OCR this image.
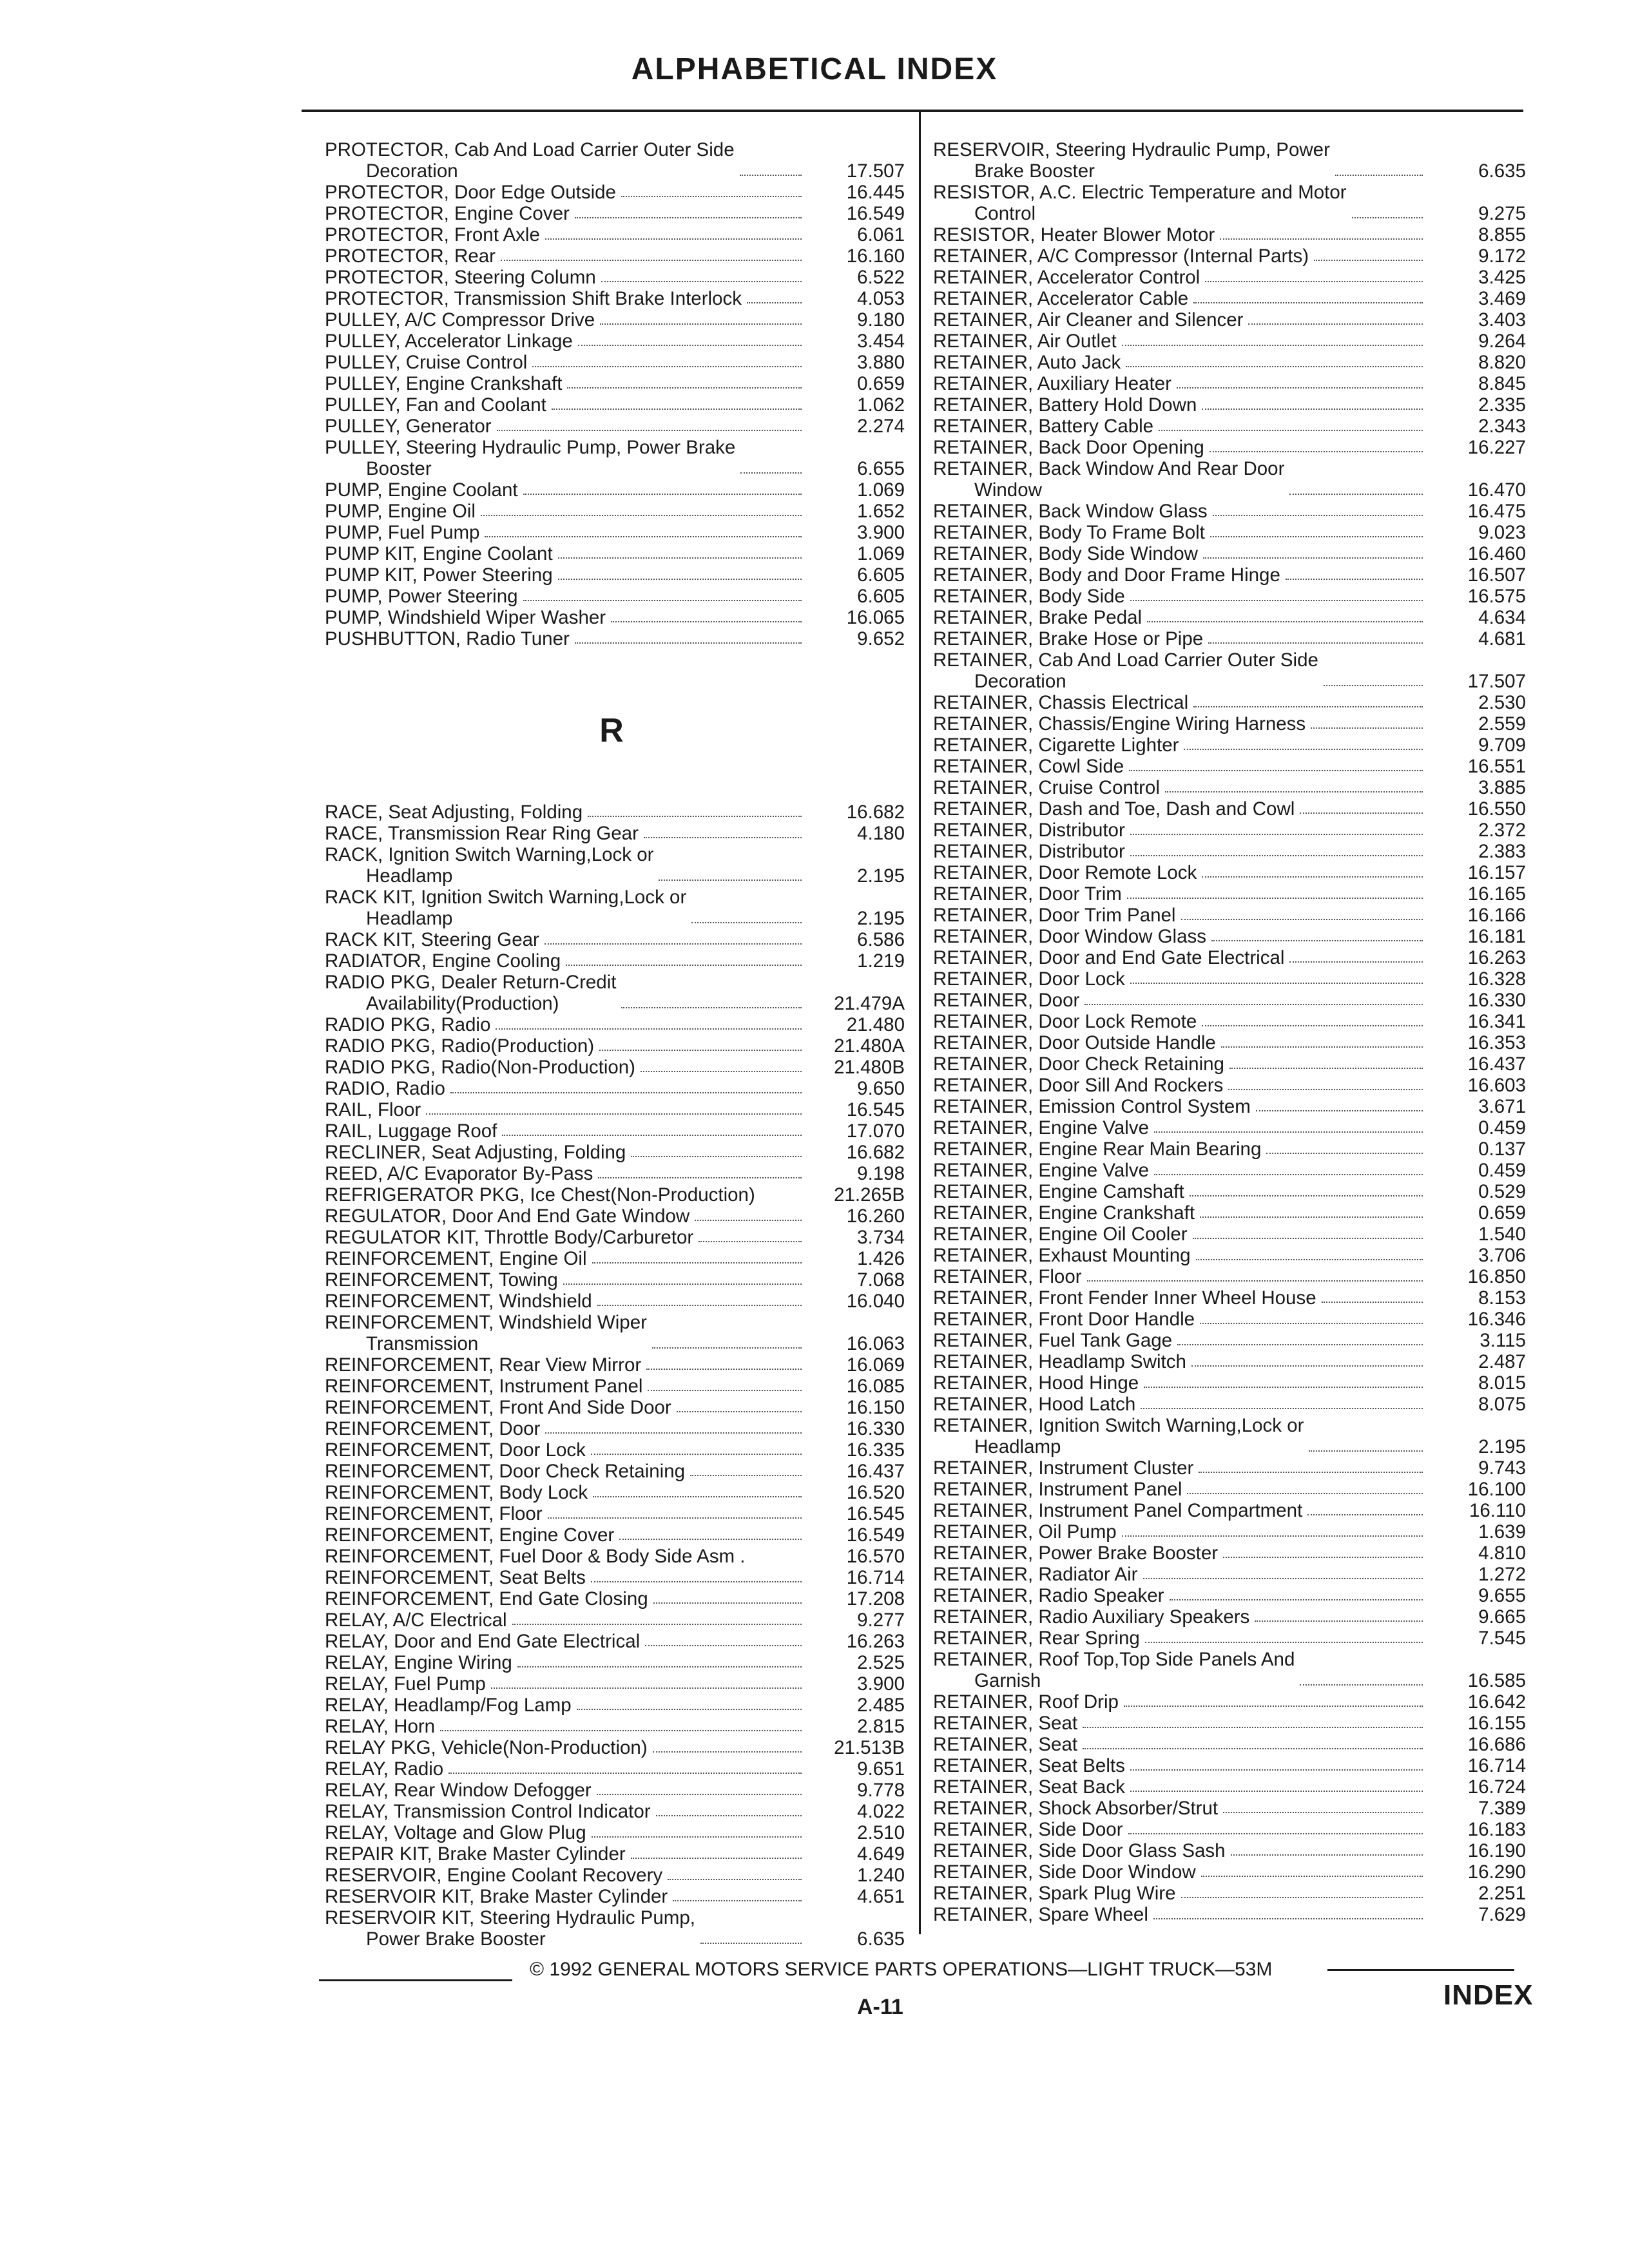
ALPHABETICAL INDEX
PROTECTOR, Cab And Load Carrier Outer Side
Decoration	17.507
PROTECTOR, Door Edge Outside	16.445
PROTECTOR, Engine Cover	16.549
PROTECTOR, Front Axle	6.061
PROTECTOR, Rear	16.160
PROTECTOR, Steering Column	6.522
PROTECTOR, Transmission Shift Brake Interlock	4.053
PULLEY, A/C Compressor Drive	9.180
PULLEY, Accelerator Linkage	3.454
PULLEY, Cruise Control	3.880
PULLEY, Engine Crankshaft	0.659
PULLEY, Fan and Coolant	1.062
PULLEY, Generator	2.274
PULLEY, Steering Hydraulic Pump, Power Brake
Booster	6.655
PUMP, Engine Coolant	1.069
PUMP, Engine Oil	1.652
PUMP, Fuel Pump	3.900
PUMP KIT, Engine Coolant	1.069
PUMP KIT, Power Steering	6.605
PUMP, Power Steering	6.605
PUMP, Windshield Wiper Washer	16.065
PUSHBUTTON, Radio Tuner	9.652
R
RACE, Seat Adjusting, Folding	16.682
RACE, Transmission Rear Ring Gear	4.180
RACK, Ignition Switch Warning,Lock or
Headlamp	2.195
RACK KIT, Ignition Switch Warning,Lock or
Headlamp	2.195
RACK KIT, Steering Gear	6.586
RADIATOR, Engine Cooling	1.219
RADIO PKG, Dealer Return-Credit
Availability(Production)	21.479A
RADIO PKG, Radio	21.480
RADIO PKG, Radio(Production)	21.480A
RADIO PKG, Radio(Non-Production)	21.480B
RADIO, Radio	9.650
RAIL, Floor	16.545
RAIL, Luggage Roof	17.070
RECLINER, Seat Adjusting, Folding	16.682
REED, A/C Evaporator By-Pass	9.198
REFRIGERATOR PKG, Ice Chest(Non-Production)	21.265B
REGULATOR, Door And End Gate Window	16.260
REGULATOR KIT, Throttle Body/Carburetor	3.734
REINFORCEMENT, Engine Oil	1.426
REINFORCEMENT, Towing	7.068
REINFORCEMENT, Windshield	16.040
REINFORCEMENT, Windshield Wiper
Transmission	16.063
REINFORCEMENT, Rear View Mirror	16.069
REINFORCEMENT, Instrument Panel	16.085
REINFORCEMENT, Front And Side Door	16.150
REINFORCEMENT, Door	16.330
REINFORCEMENT, Door Lock	16.335
REINFORCEMENT, Door Check Retaining	16.437
REINFORCEMENT, Body Lock	16.520
REINFORCEMENT, Floor	16.545
REINFORCEMENT, Engine Cover	16.549
REINFORCEMENT, Fuel Door & Body Side Asm .	16.570
REINFORCEMENT, Seat Belts	16.714
REINFORCEMENT, End Gate Closing	17.208
RELAY, A/C Electrical	9.277
RELAY, Door and End Gate Electrical	16.263
RELAY, Engine Wiring	2.525
RELAY, Fuel Pump	3.900
RELAY, Headlamp/Fog Lamp	2.485
RELAY, Horn	2.815
RELAY PKG, Vehicle(Non-Production)	21.513B
RELAY, Radio	9.651
RELAY, Rear Window Defogger	9.778
RELAY, Transmission Control Indicator	4.022
RELAY, Voltage and Glow Plug	2.510
REPAIR KIT, Brake Master Cylinder	4.649
RESERVOIR, Engine Coolant Recovery	1.240
RESERVOIR KIT, Brake Master Cylinder	4.651
RESERVOIR KIT, Steering Hydraulic Pump,
Power Brake Booster	6.635
RESERVOIR, Steering Hydraulic Pump, Power
Brake Booster	6.635
RESISTOR, A.C. Electric Temperature and Motor
Control	9.275
RESISTOR, Heater Blower Motor	8.855
RETAINER, A/C Compressor (Internal Parts)	9.172
RETAINER, Accelerator Control	3.425
RETAINER, Accelerator Cable	3.469
RETAINER, Air Cleaner and Silencer	3.403
RETAINER, Air Outlet	9.264
RETAINER, Auto Jack	8.820
RETAINER, Auxiliary Heater	8.845
RETAINER, Battery Hold Down	2.335
RETAINER, Battery Cable	2.343
RETAINER, Back Door Opening	16.227
RETAINER, Back Window And Rear Door
Window	16.470
RETAINER, Back Window Glass	16.475
RETAINER, Body To Frame Bolt	9.023
RETAINER, Body Side Window	16.460
RETAINER, Body and Door Frame Hinge	16.507
RETAINER, Body Side	16.575
RETAINER, Brake Pedal	4.634
RETAINER, Brake Hose or Pipe	4.681
RETAINER, Cab And Load Carrier Outer Side
Decoration	17.507
RETAINER, Chassis Electrical	2.530
RETAINER, Chassis/Engine Wiring Harness	2.559
RETAINER, Cigarette Lighter	9.709
RETAINER, Cowl Side	16.551
RETAINER, Cruise Control	3.885
RETAINER, Dash and Toe, Dash and Cowl	16.550
RETAINER, Distributor	2.372
RETAINER, Distributor	2.383
RETAINER, Door Remote Lock	16.157
RETAINER, Door Trim	16.165
RETAINER, Door Trim Panel	16.166
RETAINER, Door Window Glass	16.181
RETAINER, Door and End Gate Electrical	16.263
RETAINER, Door Lock	16.328
RETAINER, Door	16.330
RETAINER, Door Lock Remote	16.341
RETAINER, Door Outside Handle	16.353
RETAINER, Door Check Retaining	16.437
RETAINER, Door Sill And Rockers	16.603
RETAINER, Emission Control System	3.671
RETAINER, Engine Valve	0.459
RETAINER, Engine Rear Main Bearing	0.137
RETAINER, Engine Valve	0.459
RETAINER, Engine Camshaft	0.529
RETAINER, Engine Crankshaft	0.659
RETAINER, Engine Oil Cooler	1.540
RETAINER, Exhaust Mounting	3.706
RETAINER, Floor	16.850
RETAINER, Front Fender Inner Wheel House	8.153
RETAINER, Front Door Handle	16.346
RETAINER, Fuel Tank Gage	3.115
RETAINER, Headlamp Switch	2.487
RETAINER, Hood Hinge	8.015
RETAINER, Hood Latch	8.075
RETAINER, Ignition Switch Warning,Lock or
Headlamp	2.195
RETAINER, Instrument Cluster	9.743
RETAINER, Instrument Panel	16.100
RETAINER, Instrument Panel Compartment	16.110
RETAINER, Oil Pump	1.639
RETAINER, Power Brake Booster	4.810
RETAINER, Radiator Air	1.272
RETAINER, Radio Speaker	9.655
RETAINER, Radio Auxiliary Speakers	9.665
RETAINER, Rear Spring	7.545
RETAINER, Roof Top,Top Side Panels And
Garnish	16.585
RETAINER, Roof Drip	16.642
RETAINER, Seat	16.155
RETAINER, Seat	16.686
RETAINER, Seat Belts	16.714
RETAINER, Seat Back	16.724
RETAINER, Shock Absorber/Strut	7.389
RETAINER, Side Door	16.183
RETAINER, Side Door Glass Sash	16.190
RETAINER, Side Door Window	16.290
RETAINER, Spark Plug Wire	2.251
RETAINER, Spare Wheel	7.629
© 1992 GENERAL MOTORS SERVICE PARTS OPERATIONS—LIGHT TRUCK—53M
A-11	INDEX
